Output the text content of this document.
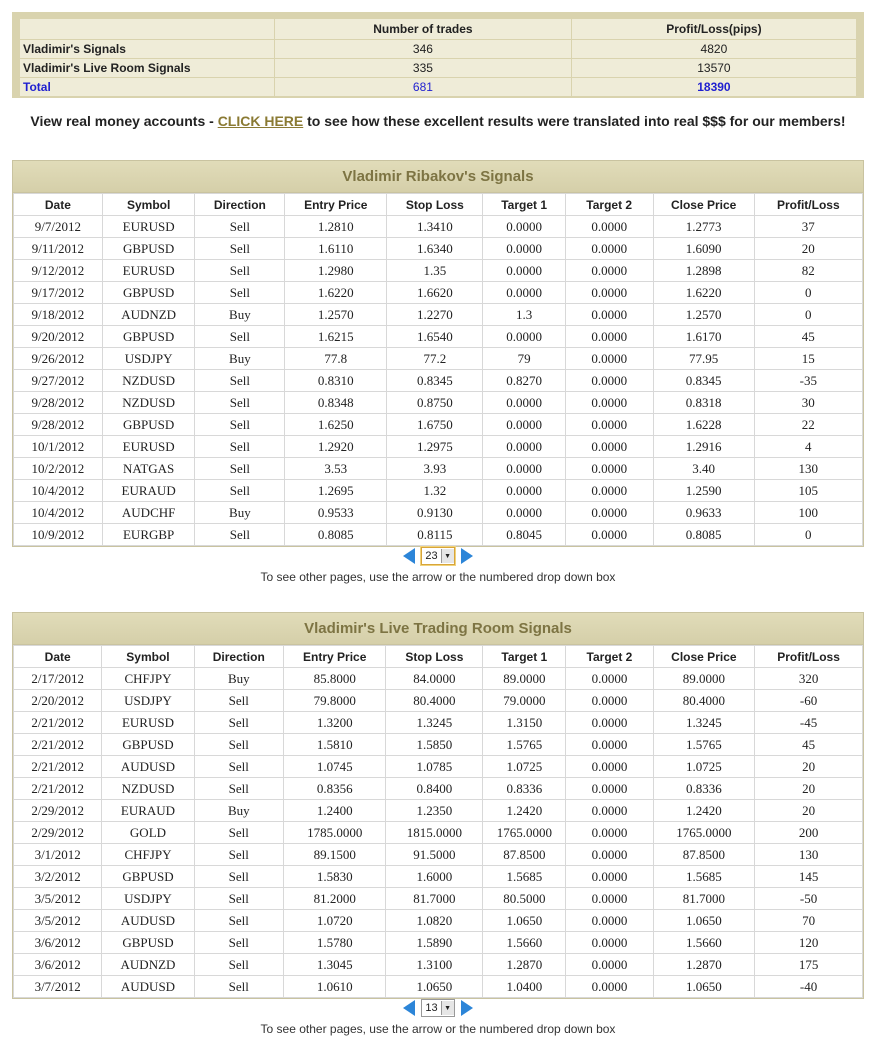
	Number of trades	Profit/Loss(pips)
Vladimir's Signals	346	4820
Vladimir's Live Room Signals	335	13570
Total	681	18390
View real money accounts - CLICK HERE to see how these excellent results were translated into real $$$ for our members!
Vladimir Ribakov's Signals
Date	Symbol	Direction	Entry Price	Stop Loss	Target 1	Target 2	Close Price	Profit/Loss
9/7/2012	EURUSD	Sell	1.2810	1.3410	0.0000	0.0000	1.2773	37
9/11/2012	GBPUSD	Sell	1.6110	1.6340	0.0000	0.0000	1.6090	20
9/12/2012	EURUSD	Sell	1.2980	1.35	0.0000	0.0000	1.2898	82
9/17/2012	GBPUSD	Sell	1.6220	1.6620	0.0000	0.0000	1.6220	0
9/18/2012	AUDNZD	Buy	1.2570	1.2270	1.3	0.0000	1.2570	0
9/20/2012	GBPUSD	Sell	1.6215	1.6540	0.0000	0.0000	1.6170	45
9/26/2012	USDJPY	Buy	77.8	77.2	79	0.0000	77.95	15
9/27/2012	NZDUSD	Sell	0.8310	0.8345	0.8270	0.0000	0.8345	-35
9/28/2012	NZDUSD	Sell	0.8348	0.8750	0.0000	0.0000	0.8318	30
9/28/2012	GBPUSD	Sell	1.6250	1.6750	0.0000	0.0000	1.6228	22
10/1/2012	EURUSD	Sell	1.2920	1.2975	0.0000	0.0000	1.2916	4
10/2/2012	NATGAS	Sell	3.53	3.93	0.0000	0.0000	3.40	130
10/4/2012	EURAUD	Sell	1.2695	1.32	0.0000	0.0000	1.2590	105
10/4/2012	AUDCHF	Buy	0.9533	0.9130	0.0000	0.0000	0.9633	100
10/9/2012	EURGBP	Sell	0.8085	0.8115	0.8045	0.0000	0.8085	0
23 ▼
To see other pages, use the arrow or the numbered drop down box
Vladimir's Live Trading Room Signals
Date	Symbol	Direction	Entry Price	Stop Loss	Target 1	Target 2	Close Price	Profit/Loss
2/17/2012	CHFJPY	Buy	85.8000	84.0000	89.0000	0.0000	89.0000	320
2/20/2012	USDJPY	Sell	79.8000	80.4000	79.0000	0.0000	80.4000	-60
2/21/2012	EURUSD	Sell	1.3200	1.3245	1.3150	0.0000	1.3245	-45
2/21/2012	GBPUSD	Sell	1.5810	1.5850	1.5765	0.0000	1.5765	45
2/21/2012	AUDUSD	Sell	1.0745	1.0785	1.0725	0.0000	1.0725	20
2/21/2012	NZDUSD	Sell	0.8356	0.8400	0.8336	0.0000	0.8336	20
2/29/2012	EURAUD	Buy	1.2400	1.2350	1.2420	0.0000	1.2420	20
2/29/2012	GOLD	Sell	1785.0000	1815.0000	1765.0000	0.0000	1765.0000	200
3/1/2012	CHFJPY	Sell	89.1500	91.5000	87.8500	0.0000	87.8500	130
3/2/2012	GBPUSD	Sell	1.5830	1.6000	1.5685	0.0000	1.5685	145
3/5/2012	USDJPY	Sell	81.2000	81.7000	80.5000	0.0000	81.7000	-50
3/5/2012	AUDUSD	Sell	1.0720	1.0820	1.0650	0.0000	1.0650	70
3/6/2012	GBPUSD	Sell	1.5780	1.5890	1.5660	0.0000	1.5660	120
3/6/2012	AUDNZD	Sell	1.3045	1.3100	1.2870	0.0000	1.2870	175
3/7/2012	AUDUSD	Sell	1.0610	1.0650	1.0400	0.0000	1.0650	-40
13 ▼
To see other pages, use the arrow or the numbered drop down box
